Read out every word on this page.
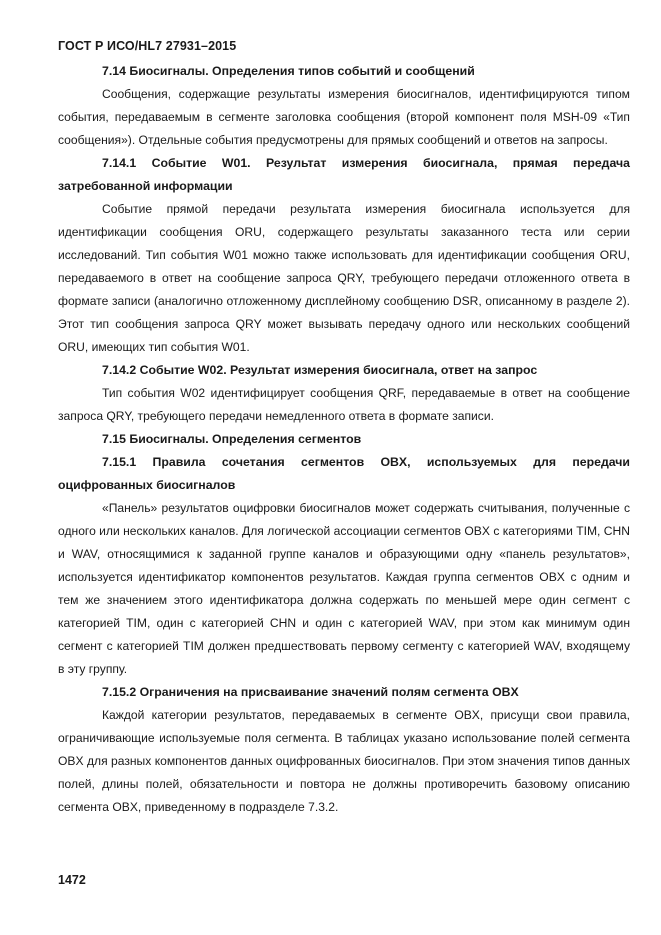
ГОСТ Р ИСО/HL7 27931–2015

7.14 Биосигналы. Определения типов событий и сообщений

Сообщения, содержащие результаты измерения биосигналов, идентифицируются типом события, передаваемым в сегменте заголовка сообщения (второй компонент поля MSH-09 «Тип сообщения»). Отдельные события предусмотрены для прямых сообщений и ответов на запросы.

7.14.1 Событие W01. Результат измерения биосигнала, прямая передача затребованной информации

Событие прямой передачи результата измерения биосигнала используется для идентификации сообщения ORU, содержащего результаты заказанного теста или серии исследований. Тип события W01 можно также использовать для идентификации сообщения ORU, передаваемого в ответ на сообщение запроса QRY, требующего передачи отложенного ответа в формате записи (аналогично отложенному дисплейному сообщению DSR, описанному в разделе 2). Этот тип сообщения запроса QRY может вызывать передачу одного или нескольких сообщений ORU, имеющих тип события W01.

7.14.2 Событие W02. Результат измерения биосигнала, ответ на запрос

Тип события W02 идентифицирует сообщения QRF, передаваемые в ответ на сообщение запроса QRY, требующего передачи немедленного ответа в формате записи.

7.15 Биосигналы. Определения сегментов

7.15.1 Правила сочетания сегментов OBX, используемых для передачи оцифрованных биосигналов

«Панель» результатов оцифровки биосигналов может содержать считывания, полученные с одного или нескольких каналов. Для логической ассоциации сегментов OBX с категориями TIM, CHN и WAV, относящимися к заданной группе каналов и образующими одну «панель результатов», используется идентификатор компонентов результатов. Каждая группа сегментов OBX с одним и тем же значением этого идентификатора должна содержать по меньшей мере один сегмент с категорией TIM, один с категорией CHN и один с категорией WAV, при этом как минимум один сегмент с категорией TIM должен предшествовать первому сегменту с категорией WAV, входящему в эту группу.

7.15.2 Ограничения на присваивание значений полям сегмента OBX

Каждой категории результатов, передаваемых в сегменте OBX, присущи свои правила, ограничивающие используемые поля сегмента. В таблицах указано использование полей сегмента OBX для разных компонентов данных оцифрованных биосигналов. При этом значения типов данных полей, длины полей, обязательности и повтора не должны противоречить базовому описанию сегмента OBX, приведенному в подразделе 7.3.2.

1472
